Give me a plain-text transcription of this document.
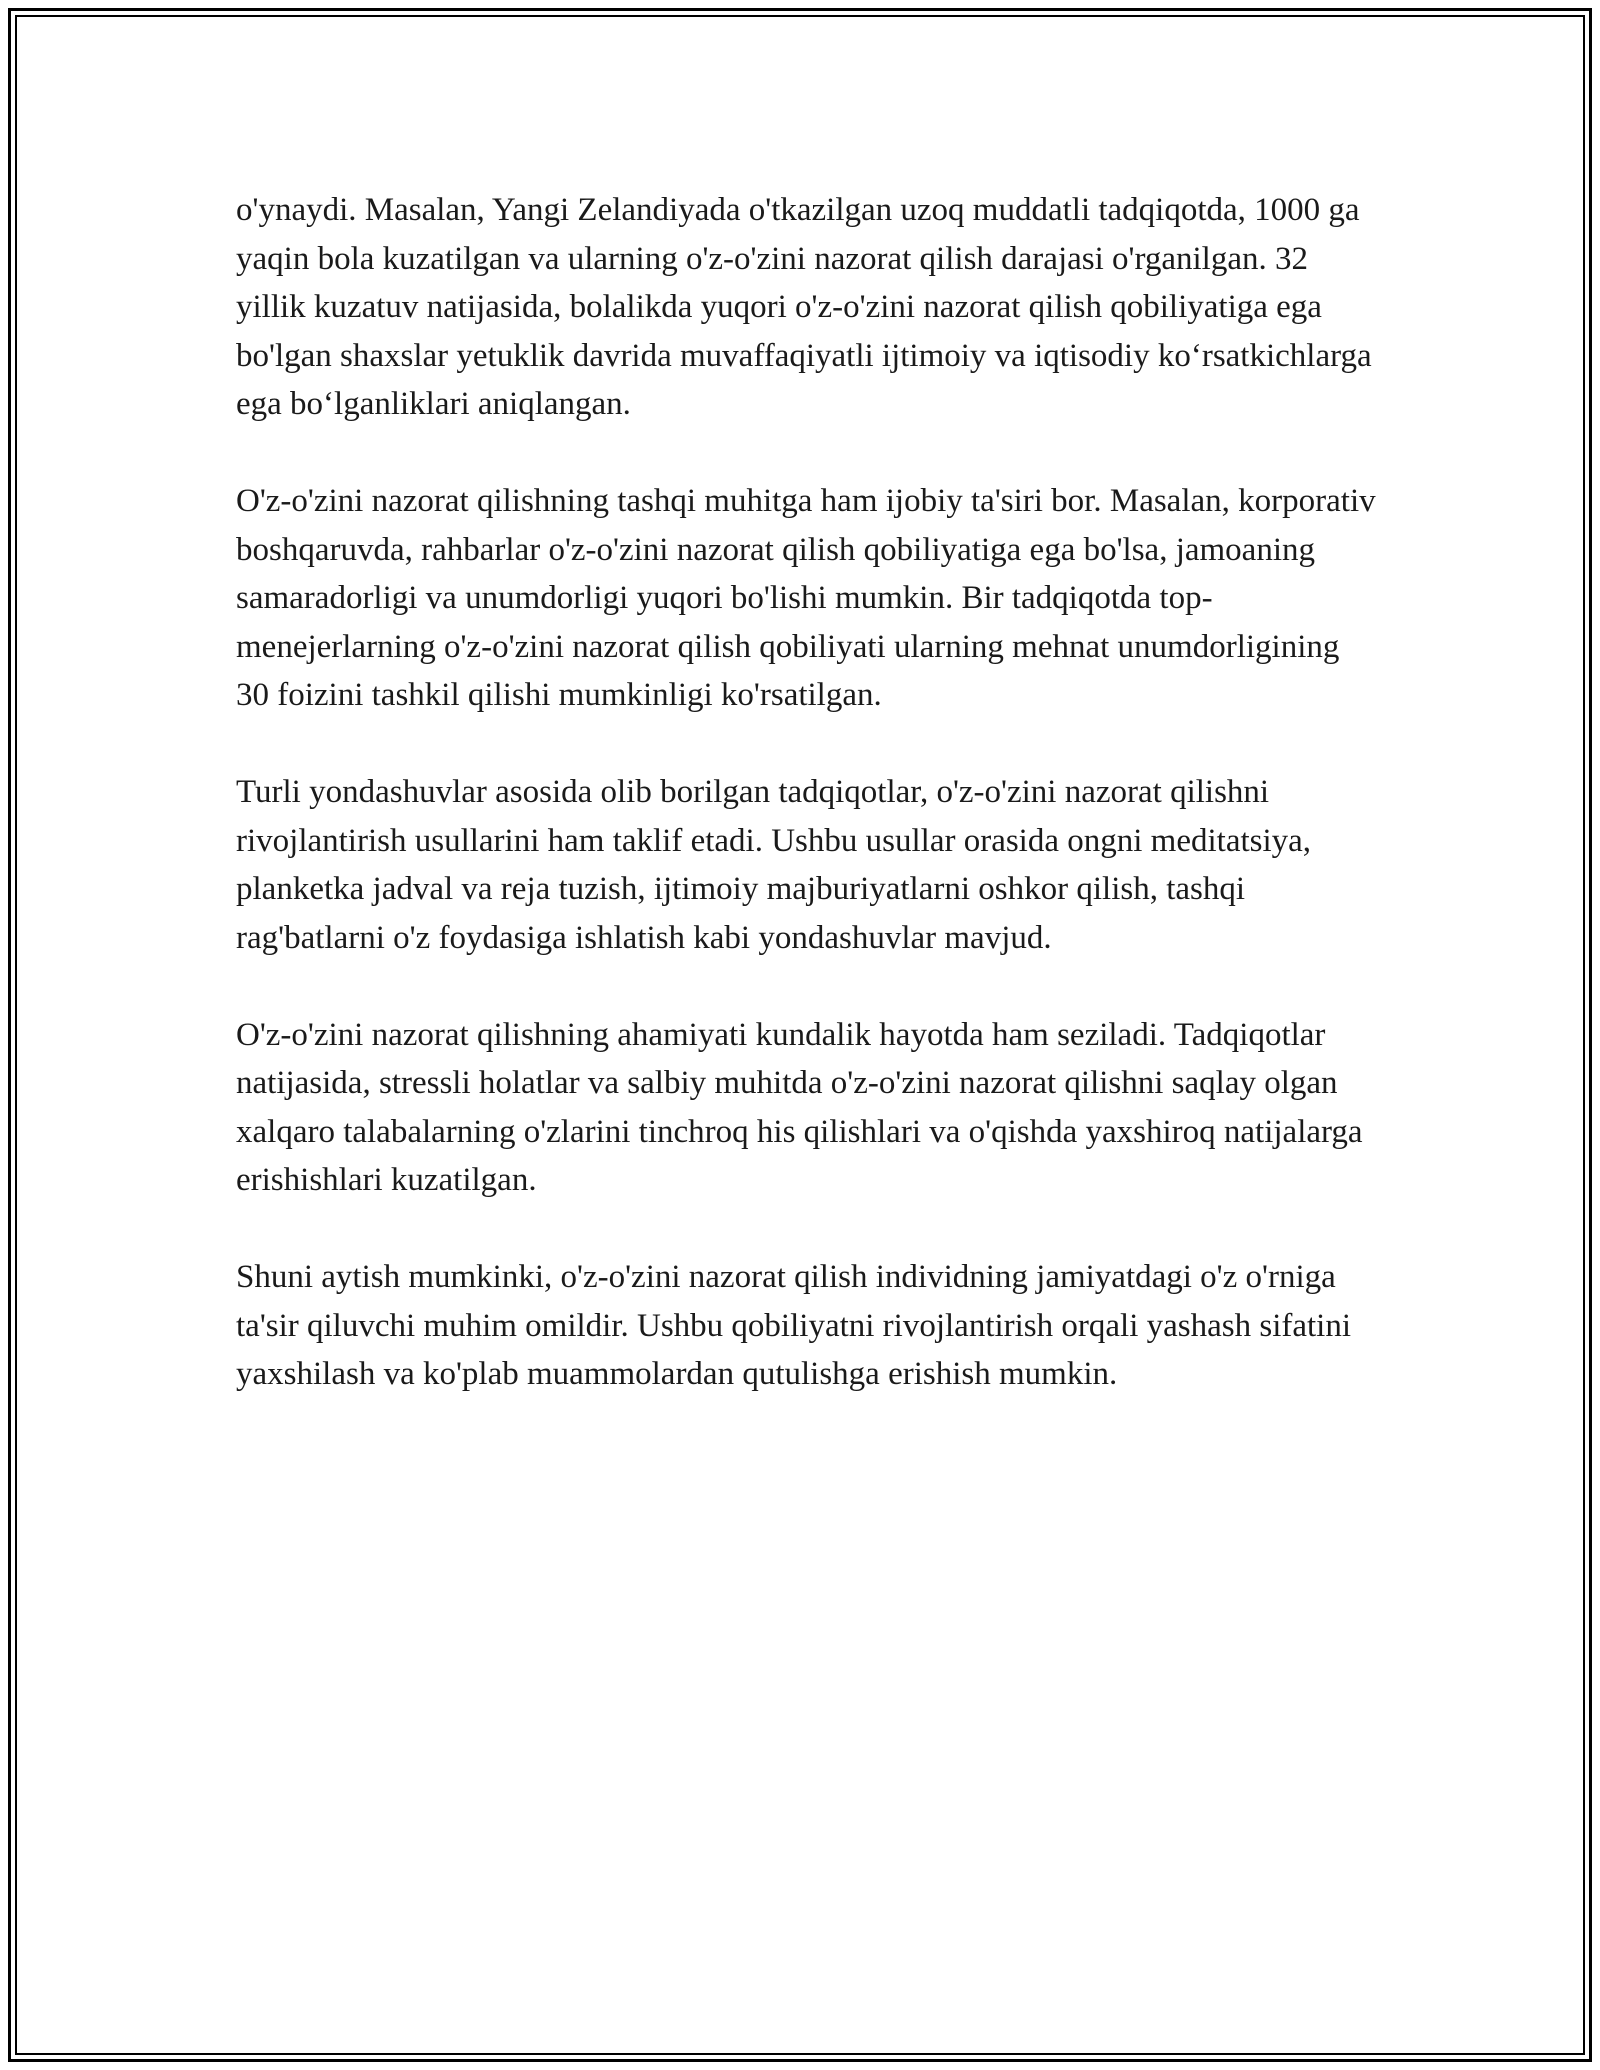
o'ynaydi. Masalan, Yangi Zelandiyada o'tkazilgan uzoq muddatli tadqiqotda, 1000 ga yaqin bola kuzatilgan va ularning o'z-o'zini nazorat qilish darajasi o'rganilgan. 32 yillik kuzatuv natijasida, bolalikda yuqori o'z-o'zini nazorat qilish qobiliyatiga ega bo'lgan shaxslar yetuklik davrida muvaffaqiyatli ijtimoiy va iqtisodiy ko‘rsatkichlarga ega bo‘lganliklari aniqlangan.

O'z-o'zini nazorat qilishning tashqi muhitga ham ijobiy ta'siri bor. Masalan, korporativ boshqaruvda, rahbarlar o'z-o'zini nazorat qilish qobiliyatiga ega bo'lsa, jamoaning samaradorligi va unumdorligi yuqori bo'lishi mumkin. Bir tadqiqotda top-menejerlarning o'z-o'zini nazorat qilish qobiliyati ularning mehnat unumdorligining 30 foizini tashkil qilishi mumkinligi ko'rsatilgan.

Turli yondashuvlar asosida olib borilgan tadqiqotlar, o'z-o'zini nazorat qilishni rivojlantirish usullarini ham taklif etadi. Ushbu usullar orasida ongni meditatsiya, planketka jadval va reja tuzish, ijtimoiy majburiyatlarni oshkor qilish, tashqi rag'batlarni o'z foydasiga ishlatish kabi yondashuvlar mavjud.

O'z-o'zini nazorat qilishning ahamiyati kundalik hayotda ham seziladi. Tadqiqotlar natijasida, stressli holatlar va salbiy muhitda o'z-o'zini nazorat qilishni saqlay olgan xalqaro talabalarning o'zlarini tinchroq his qilishlari va o'qishda yaxshiroq natijalarga erishishlari kuzatilgan.

Shuni aytish mumkinki, o'z-o'zini nazorat qilish individning jamiyatdagi o'z o'rniga ta'sir qiluvchi muhim omildir. Ushbu qobiliyatni rivojlantirish orqali yashash sifatini yaxshilash va ko'plab muammolardan qutulishga erishish mumkin.
